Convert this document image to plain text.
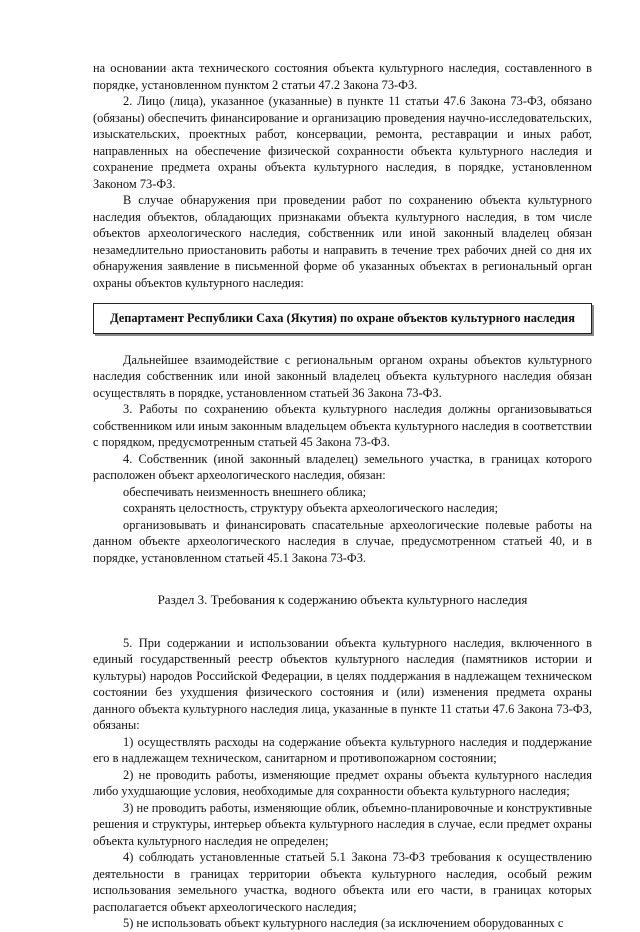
на основании акта технического состояния объекта культурного наследия, составленного в порядке, установленном пунктом 2 статьи 47.2 Закона 73-ФЗ.

2. Лицо (лица), указанное (указанные) в пункте 11 статьи 47.6 Закона 73-ФЗ, обязано (обязаны) обеспечить финансирование и организацию проведения научно-исследовательских, изыскательских, проектных работ, консервации, ремонта, реставрации и иных работ, направленных на обеспечение физической сохранности объекта культурного наследия и сохранение предмета охраны объекта культурного наследия, в порядке, установленном Законом 73-ФЗ.

В случае обнаружения при проведении работ по сохранению объекта культурного наследия объектов, обладающих признаками объекта культурного наследия, в том числе объектов археологического наследия, собственник или иной законный владелец обязан незамедлительно приостановить работы и направить в течение трех рабочих дней со дня их обнаружения заявление в письменной форме об указанных объектах в региональный орган охраны объектов культурного наследия:

Департамент Республики Саха (Якутия) по охране объектов культурного наследия

Дальнейшее взаимодействие с региональным органом охраны объектов культурного наследия собственник или иной законный владелец объекта культурного наследия обязан осуществлять в порядке, установленном статьей 36 Закона 73-ФЗ.

3. Работы по сохранению объекта культурного наследия должны организовываться собственником или иным законным владельцем объекта культурного наследия в соответствии с порядком, предусмотренным статьей 45 Закона 73-ФЗ.

4. Собственник (иной законный владелец) земельного участка, в границах которого расположен объект археологического наследия, обязан:

обеспечивать неизменность внешнего облика;

сохранять целостность, структуру объекта археологического наследия;

организовывать и финансировать спасательные археологические полевые работы на данном объекте археологического наследия в случае, предусмотренном статьей 40, и в порядке, установленном статьей 45.1 Закона 73-ФЗ.

Раздел 3. Требования к содержанию объекта культурного наследия

5. При содержании и использовании объекта культурного наследия, включенного в единый государственный реестр объектов культурного наследия (памятников истории и культуры) народов Российской Федерации, в целях поддержания в надлежащем техническом состоянии без ухудшения физического состояния и (или) изменения предмета охраны данного объекта культурного наследия лица, указанные в пункте 11 статьи 47.6 Закона 73-ФЗ, обязаны:

1) осуществлять расходы на содержание объекта культурного наследия и поддержание его в надлежащем техническом, санитарном и противопожарном состоянии;

2) не проводить работы, изменяющие предмет охраны объекта культурного наследия либо ухудшающие условия, необходимые для сохранности объекта культурного наследия;

3) не проводить работы, изменяющие облик, объемно-планировочные и конструктивные решения и структуры, интерьер объекта культурного наследия в случае, если предмет охраны объекта культурного наследия не определен;

4) соблюдать установленные статьей 5.1 Закона 73-ФЗ требования к осуществлению деятельности в границах территории объекта культурного наследия, особый режим использования земельного участка, водного объекта или его части, в границах которых располагается объект археологического наследия;

5) не использовать объект культурного наследия (за исключением оборудованных с
